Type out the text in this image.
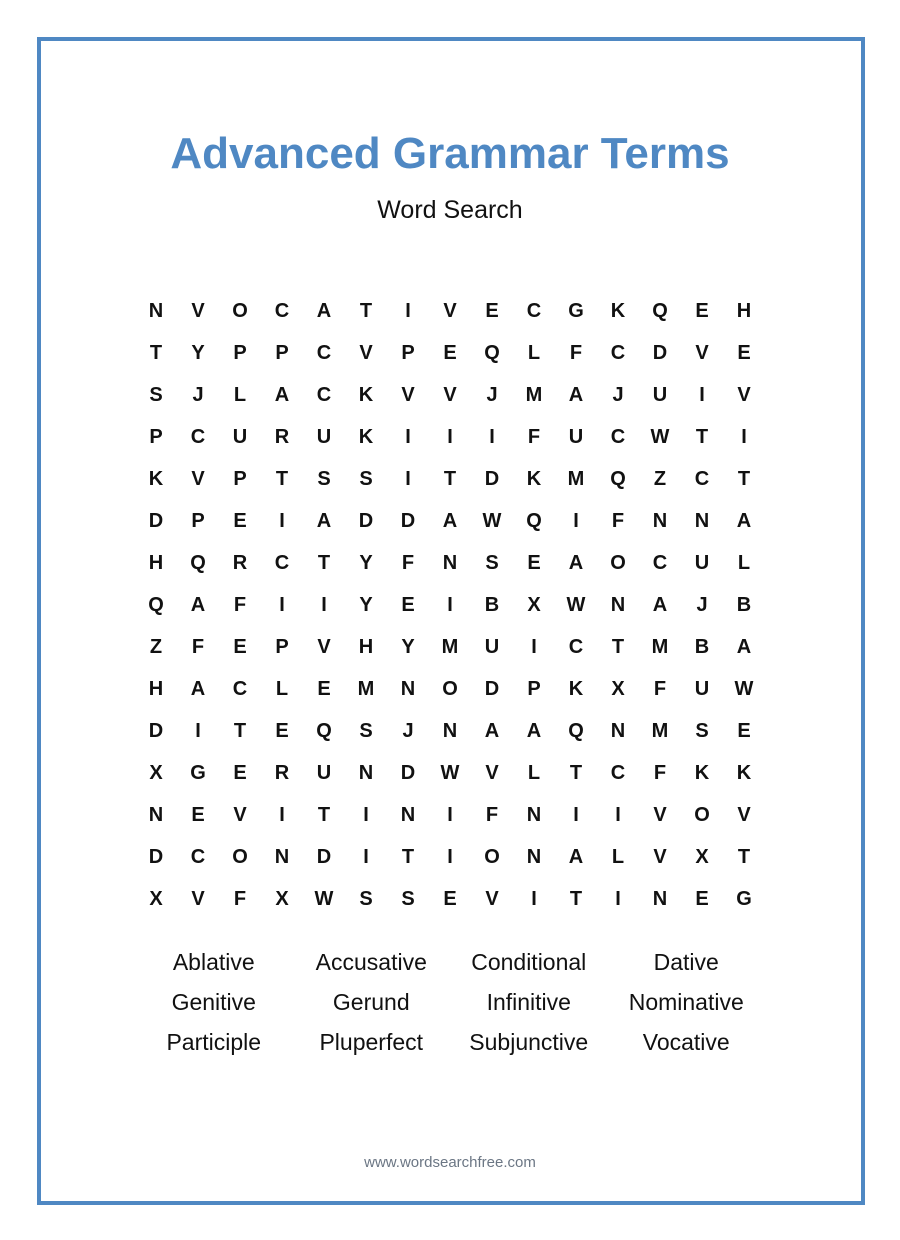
Advanced Grammar Terms
Word Search
N	V	O	C	A	T	I	V	E	C	G	K	Q	E	H
T	Y	P	P	C	V	P	E	Q	L	F	C	D	V	E
S	J	L	A	C	K	V	V	J	M	A	J	U	I	V
P	C	U	R	U	K	I	I	I	F	U	C	W	T	I
K	V	P	T	S	S	I	T	D	K	M	Q	Z	C	T
D	P	E	I	A	D	D	A	W	Q	I	F	N	N	A
H	Q	R	C	T	Y	F	N	S	E	A	O	C	U	L
Q	A	F	I	I	Y	E	I	B	X	W	N	A	J	B
Z	F	E	P	V	H	Y	M	U	I	C	T	M	B	A
H	A	C	L	E	M	N	O	D	P	K	X	F	U	W
D	I	T	E	Q	S	J	N	A	A	Q	N	M	S	E
X	G	E	R	U	N	D	W	V	L	T	C	F	K	K
N	E	V	I	T	I	N	I	F	N	I	I	V	O	V
D	C	O	N	D	I	T	I	O	N	A	L	V	X	T
X	V	F	X	W	S	S	E	V	I	T	I	N	E	G
Ablative	Accusative	Conditional	Dative
Genitive	Gerund	Infinitive	Nominative
Participle	Pluperfect	Subjunctive	Vocative
www.wordsearchfree.com
